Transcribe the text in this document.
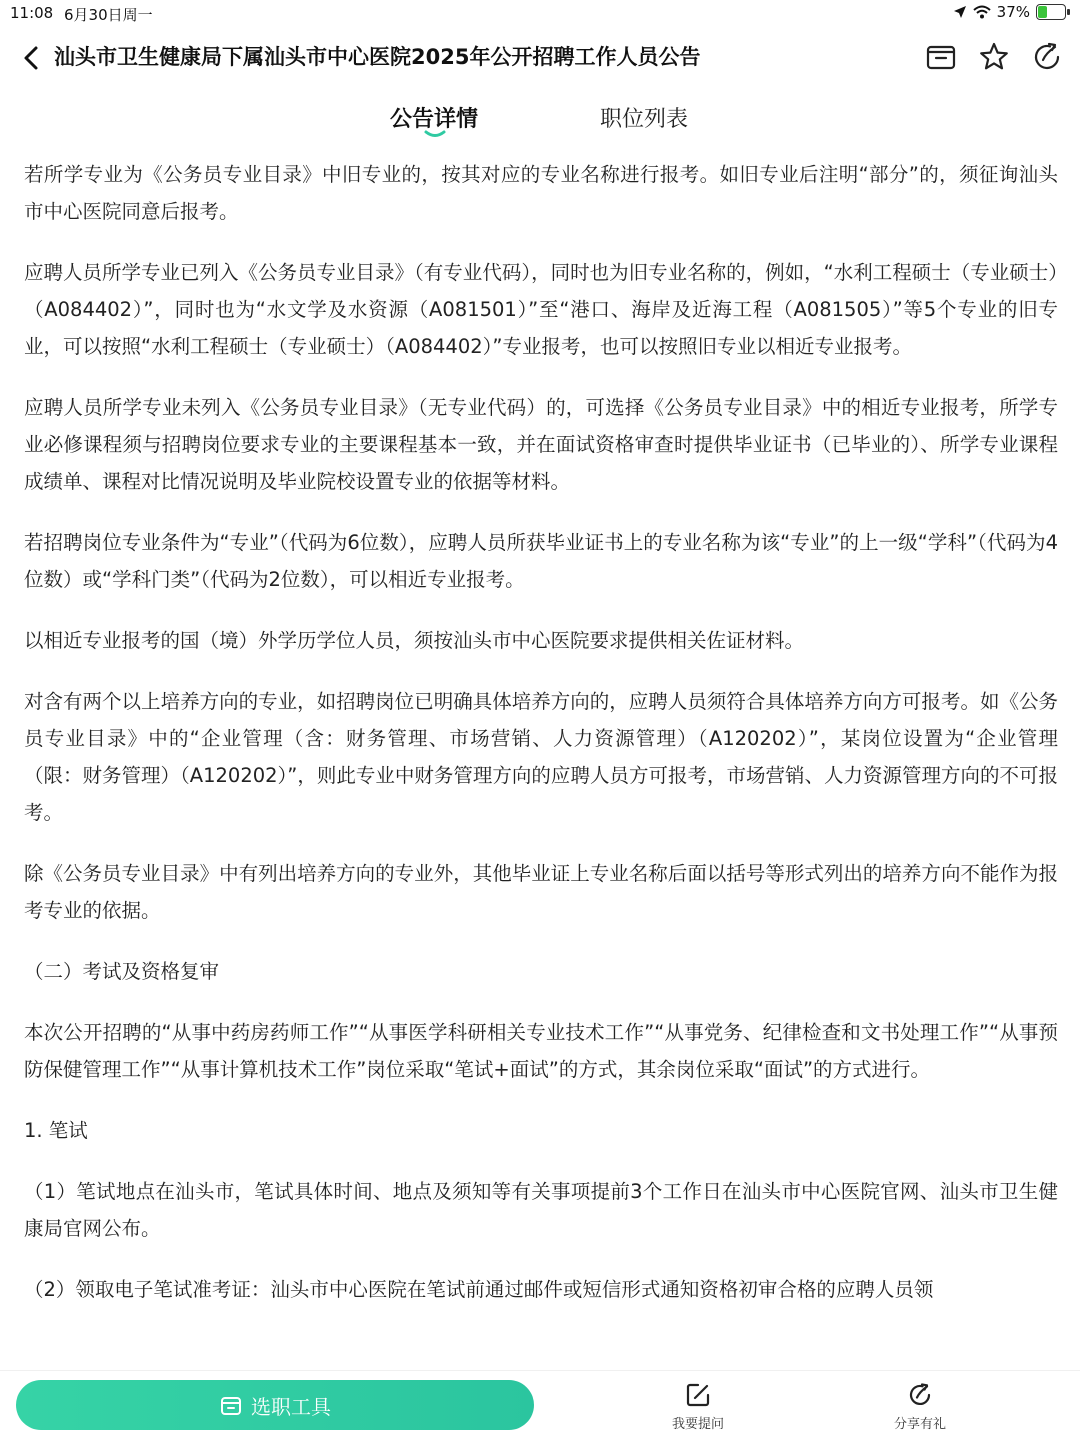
11:08 6月30日周一	37%
汕头市卫生健康局下属汕头市中心医院2025年公开招聘工作人员公告
公告详情	职位列表

若所学专业为《公务员专业目录》中旧专业的，按其对应的专业名称进行报考。如旧专业后注明“部分”的，须征询汕头市中心医院同意后报考。

应聘人员所学专业已列入《公务员专业目录》（有专业代码），同时也为旧专业名称的，例如，“水利工程硕士（专业硕士）（A084402）”，同时也为“水文学及水资源（A081501）”至“港口、海岸及近海工程（A081505）”等5个专业的旧专业，可以按照“水利工程硕士（专业硕士）（A084402）”专业报考，也可以按照旧专业以相近专业报考。

应聘人员所学专业未列入《公务员专业目录》（无专业代码）的，可选择《公务员专业目录》中的相近专业报考，所学专业必修课程须与招聘岗位要求专业的主要课程基本一致，并在面试资格审查时提供毕业证书（已毕业的）、所学专业课程成绩单、课程对比情况说明及毕业院校设置专业的依据等材料。

若招聘岗位专业条件为“专业”（代码为6位数），应聘人员所获毕业证书上的专业名称为该“专业”的上一级“学科”（代码为4位数）或“学科门类”（代码为2位数），可以相近专业报考。

以相近专业报考的国（境）外学历学位人员，须按汕头市中心医院要求提供相关佐证材料。

对含有两个以上培养方向的专业，如招聘岗位已明确具体培养方向的，应聘人员须符合具体培养方向方可报考。如《公务员专业目录》中的“企业管理（含：财务管理、市场营销、人力资源管理）（A120202）”，某岗位设置为“企业管理（限：财务管理）（A120202）”，则此专业中财务管理方向的应聘人员方可报考，市场营销、人力资源管理方向的不可报考。

除《公务员专业目录》中有列出培养方向的专业外，其他毕业证上专业名称后面以括号等形式列出的培养方向不能作为报考专业的依据。

（二）考试及资格复审

本次公开招聘的“从事中药房药师工作”“从事医学科研相关专业技术工作”“从事党务、纪律检查和文书处理工作”“从事预防保健管理工作”“从事计算机技术工作”岗位采取“笔试+面试”的方式，其余岗位采取“面试”的方式进行。

1. 笔试

（1）笔试地点在汕头市，笔试具体时间、地点及须知等有关事项提前3个工作日在汕头市中心医院官网、汕头市卫生健康局官网公布。

（2）领取电子笔试准考证：汕头市中心医院在笔试前通过邮件或短信形式通知资格初审合格的应聘人员领

选职工具
我要提问	分享有礼
